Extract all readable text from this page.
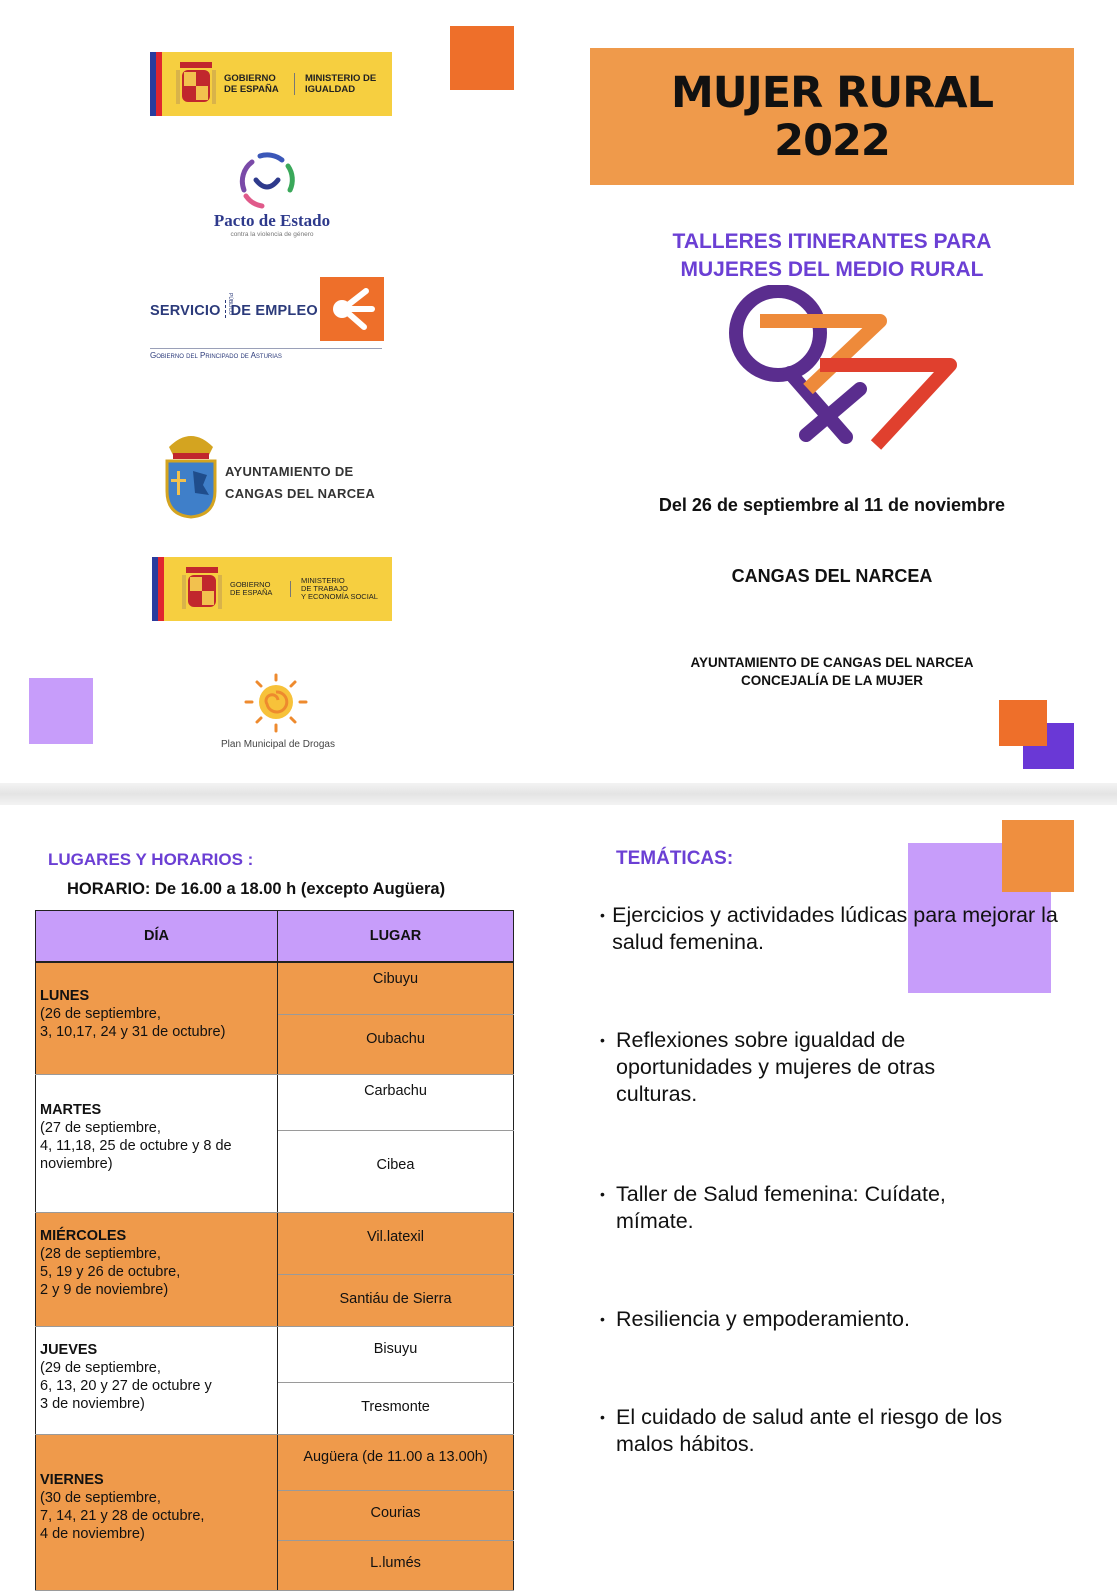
GOBIERNO DE ESPAÑA
MINISTERIO DE IGUALDAD
Pacto de Estado
contra la violencia de género
SERVICIO DE EMPLEO
PÚBLICO
Gobierno del Principado de Asturias
AYUNTAMIENTO DE
CANGAS DEL NARCEA
GOBIERNO DE ESPAÑA
MINISTERIO
DE TRABAJO
Y ECONOMÍA SOCIAL
Plan Municipal de Drogas
MUJER RURAL
2022
TALLERES ITINERANTES PARA
MUJERES DEL MEDIO RURAL
Del 26 de septiembre al 11 de noviembre
CANGAS DEL NARCEA
AYUNTAMIENTO DE CANGAS DEL NARCEA
CONCEJALÍA DE LA MUJER
LUGARES Y HORARIOS :
HORARIO: De 16.00 a 18.00 h (excepto Augüera)
DÍA	LUGAR

LUNES
(26 de septiembre,
3, 10,17, 24 y 31 de octubre)	Cibuyu
	Oubachu

MARTES
(27 de septiembre,
4, 11,18, 25 de octubre y 8 de noviembre)	Carbachu
	Cibea

MIÉRCOLES
(28 de septiembre,
5, 19 y 26 de octubre,
2 y 9 de noviembre)	Vil.latexil
	Santiáu de Sierra

JUEVES
(29 de septiembre,
6, 13, 20 y 27 de octubre y
3 de noviembre)	Bisuyu
	Tresmonte

VIERNES
(30 de septiembre,
7, 14, 21 y 28 de octubre,
4 de noviembre)	Augüera (de 11.00 a 13.00h)
	Courias
	L.lumés
TEMÁTICAS:
• Ejercicios y actividades lúdicas para mejorar la salud femenina.
• Reflexiones sobre igualdad de oportunidades y mujeres de otras culturas.
• Taller de Salud femenina: Cuídate, mímate.
• Resiliencia y empoderamiento.
• El cuidado de salud ante el riesgo de los malos hábitos.
